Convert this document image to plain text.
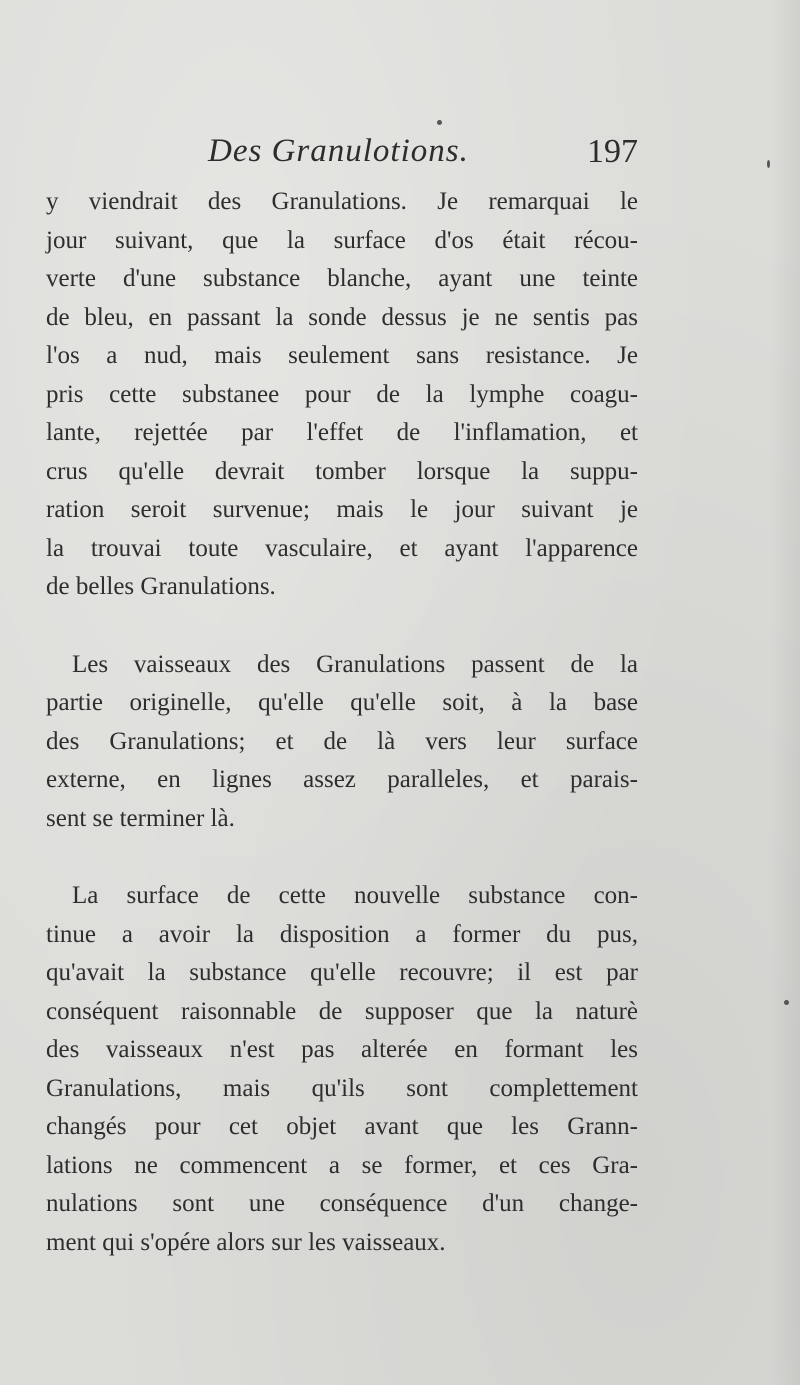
Des Granulotions.	197
y viendrait des Granulations. Je remarquai le
jour suivant, que la surface d'os était récou-
verte d'une substance blanche, ayant une teinte
de bleu, en passant la sonde dessus je ne sentis pas
l'os a nud, mais seulement sans resistance. Je
pris cette substanee pour de la lymphe coagu-
lante, rejettée par l'effet de l'inflamation, et
crus qu'elle devrait tomber lorsque la suppu-
ration seroit survenue; mais le jour suivant je
la trouvai toute vasculaire, et ayant l'apparence
de belles Granulations.
Les vaisseaux des Granulations passent de la
partie originelle, qu'elle qu'elle soit, à la base
des Granulations; et de là vers leur surface
externe, en lignes assez paralleles, et parais-
sent se terminer là.
La surface de cette nouvelle substance con-
tinue a avoir la disposition a former du pus,
qu'avait la substance qu'elle recouvre; il est par
conséquent raisonnable de supposer que la naturè
des vaisseaux n'est pas alterée en formant les
Granulations, mais qu'ils sont complettement
changés pour cet objet avant que les Grann-
lations ne commencent a se former, et ces Gra-
nulations sont une conséquence d'un change-
ment qui s'opére alors sur les vaisseaux.
